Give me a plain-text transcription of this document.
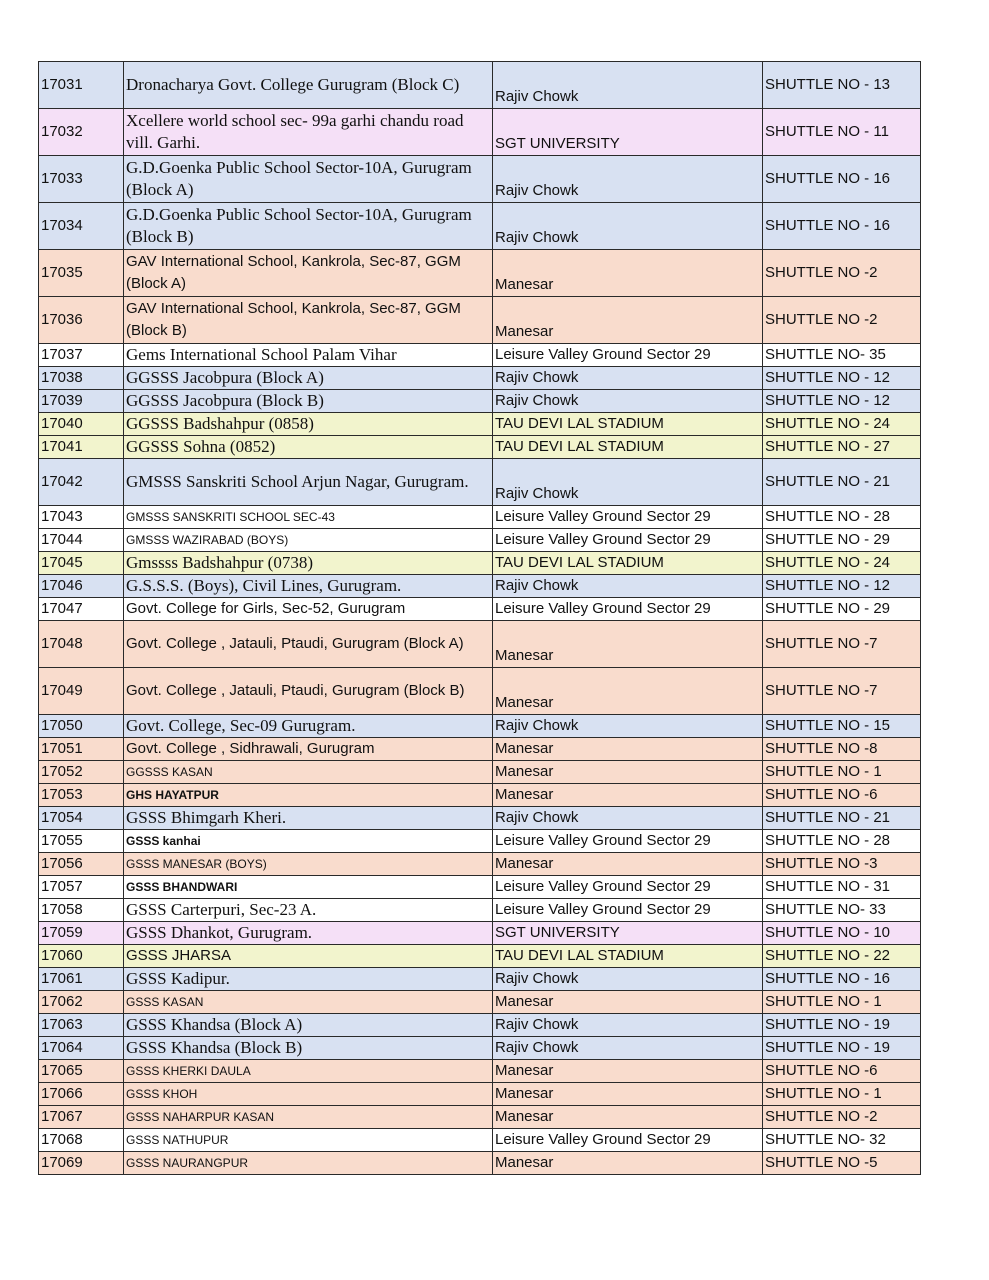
17031	Dronacharya Govt. College Gurugram (Block C)	Rajiv Chowk	SHUTTLE NO - 13
17032	Xcellere world school sec- 99a garhi chandu road vill. Garhi.	SGT UNIVERSITY	SHUTTLE NO - 11
17033	G.D.Goenka Public School Sector-10A, Gurugram (Block A)	Rajiv Chowk	SHUTTLE NO - 16
17034	G.D.Goenka Public School Sector-10A, Gurugram (Block B)	Rajiv Chowk	SHUTTLE NO - 16
17035	GAV International School, Kankrola, Sec-87, GGM (Block A)	Manesar	SHUTTLE NO -2
17036	GAV International School, Kankrola, Sec-87, GGM (Block B)	Manesar	SHUTTLE NO -2
17037	Gems International School Palam Vihar	Leisure Valley Ground Sector 29	SHUTTLE NO- 35
17038	GGSSS Jacobpura (Block A)	Rajiv Chowk	SHUTTLE NO - 12
17039	GGSSS Jacobpura (Block B)	Rajiv Chowk	SHUTTLE NO - 12
17040	GGSSS Badshahpur (0858)	TAU DEVI LAL STADIUM	SHUTTLE NO - 24
17041	GGSSS Sohna (0852)	TAU DEVI LAL STADIUM	SHUTTLE NO - 27
17042	GMSSS Sanskriti School Arjun Nagar, Gurugram.	Rajiv Chowk	SHUTTLE NO - 21
17043	GMSSS SANSKRITI SCHOOL SEC-43	Leisure Valley Ground Sector 29	SHUTTLE NO - 28
17044	GMSSS WAZIRABAD (BOYS)	Leisure Valley Ground Sector 29	SHUTTLE NO - 29
17045	Gmssss Badshahpur (0738)	TAU DEVI LAL STADIUM	SHUTTLE NO - 24
17046	G.S.S.S. (Boys), Civil Lines, Gurugram.	Rajiv Chowk	SHUTTLE NO - 12
17047	Govt. College for Girls, Sec-52, Gurugram	Leisure Valley Ground Sector 29	SHUTTLE NO - 29
17048	Govt. College , Jatauli, Ptaudi, Gurugram (Block A)	Manesar	SHUTTLE NO -7
17049	Govt. College , Jatauli, Ptaudi, Gurugram (Block B)	Manesar	SHUTTLE NO -7
17050	Govt. College, Sec-09 Gurugram.	Rajiv Chowk	SHUTTLE NO - 15
17051	Govt. College , Sidhrawali, Gurugram	Manesar	SHUTTLE NO -8
17052	GGSSS KASAN	Manesar	SHUTTLE NO - 1
17053	GHS HAYATPUR	Manesar	SHUTTLE NO -6
17054	GSSS Bhimgarh Kheri.	Rajiv Chowk	SHUTTLE NO - 21
17055	GSSS kanhai	Leisure Valley Ground Sector 29	SHUTTLE NO - 28
17056	GSSS MANESAR (BOYS)	Manesar	SHUTTLE NO -3
17057	GSSS BHANDWARI	Leisure Valley Ground Sector 29	SHUTTLE NO - 31
17058	GSSS Carterpuri, Sec-23 A.	Leisure Valley Ground Sector 29	SHUTTLE NO- 33
17059	GSSS Dhankot, Gurugram.	SGT UNIVERSITY	SHUTTLE NO - 10
17060	GSSS JHARSA	TAU DEVI LAL STADIUM	SHUTTLE NO - 22
17061	GSSS Kadipur.	Rajiv Chowk	SHUTTLE NO - 16
17062	GSSS KASAN	Manesar	SHUTTLE NO - 1
17063	GSSS Khandsa (Block A)	Rajiv Chowk	SHUTTLE NO - 19
17064	GSSS Khandsa (Block B)	Rajiv Chowk	SHUTTLE NO - 19
17065	GSSS KHERKI DAULA	Manesar	SHUTTLE NO -6
17066	GSSS KHOH	Manesar	SHUTTLE NO - 1
17067	GSSS NAHARPUR KASAN	Manesar	SHUTTLE NO -2
17068	GSSS NATHUPUR	Leisure Valley Ground Sector 29	SHUTTLE NO- 32
17069	GSSS NAURANGPUR	Manesar	SHUTTLE NO -5
